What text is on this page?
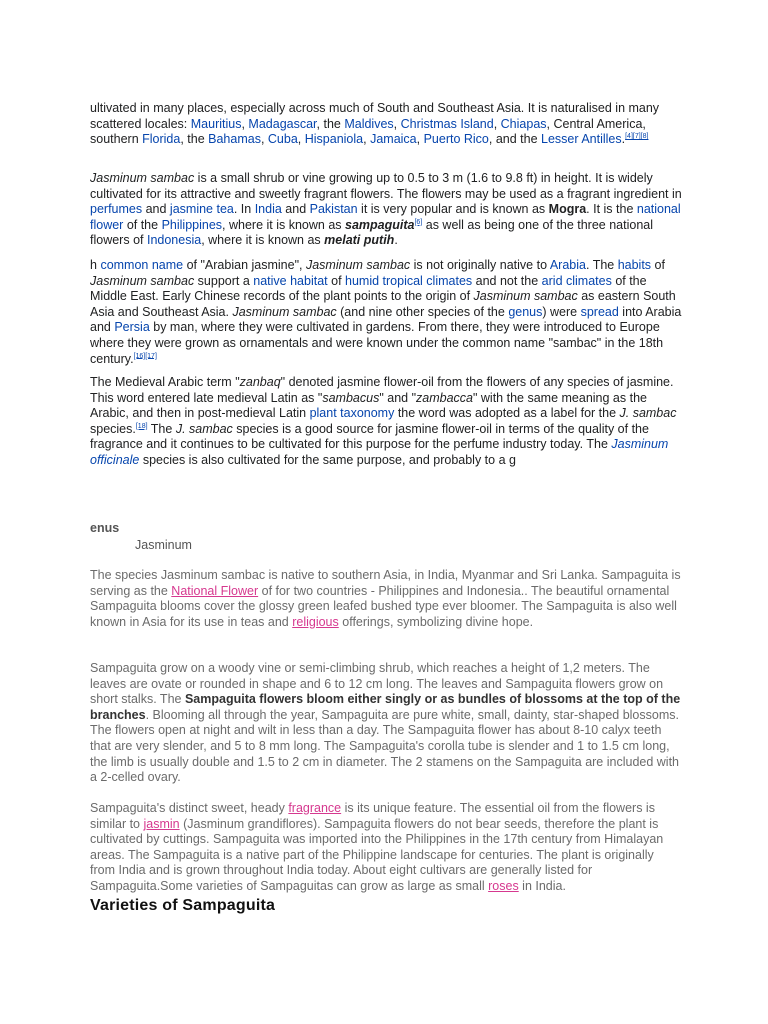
ultivated in many places, especially across much of South and Southeast Asia. It is naturalised in many scattered locales: Mauritius, Madagascar, the Maldives, Christmas Island, Chiapas, Central America, southern Florida, the Bahamas, Cuba, Hispaniola, Jamaica, Puerto Rico, and the Lesser Antilles.[4][7][8]

Jasminum sambac is a small shrub or vine growing up to 0.5 to 3 m (1.6 to 9.8 ft) in height. It is widely cultivated for its attractive and sweetly fragrant flowers. The flowers may be used as a fragrant ingredient in perfumes and jasmine tea. In India and Pakistan it is very popular and is known as Mogra. It is the national flower of the Philippines, where it is known as sampaguita[6] as well as being one of the three national flowers of Indonesia, where it is known as melati putih.

h common name of "Arabian jasmine", Jasminum sambac is not originally native to Arabia. The habits of Jasminum sambac support a native habitat of humid tropical climates and not the arid climates of the Middle East. Early Chinese records of the plant points to the origin of Jasminum sambac as eastern South Asia and Southeast Asia. Jasminum sambac (and nine other species of the genus) were spread into Arabia and Persia by man, where they were cultivated in gardens. From there, they were introduced to Europe where they were grown as ornamentals and were known under the common name "sambac" in the 18th century.[16][17]

The Medieval Arabic term "zanbaq" denoted jasmine flower-oil from the flowers of any species of jasmine. This word entered late medieval Latin as "sambacus" and "zambacca" with the same meaning as the Arabic, and then in post-medieval Latin plant taxonomy the word was adopted as a label for the J. sambac species.[18] The J. sambac species is a good source for jasmine flower-oil in terms of the quality of the fragrance and it continues to be cultivated for this purpose for the perfume industry today. The Jasminum officinale species is also cultivated for the same purpose, and probably to a g

enus
Jasminum

The species Jasminum sambac is native to southern Asia, in India, Myanmar and Sri Lanka. Sampaguita is serving as the National Flower of for two countries - Philippines and Indonesia.. The beautiful ornamental Sampaguita blooms cover the glossy green leafed bushed type ever bloomer. The Sampaguita is also well known in Asia for its use in teas and religious offerings, symbolizing divine hope.

Sampaguita grow on a woody vine or semi-climbing shrub, which reaches a height of 1,2 meters. The leaves are ovate or rounded in shape and 6 to 12 cm long. The leaves and Sampaguita flowers grow on short stalks. The Sampaguita flowers bloom either singly or as bundles of blossoms at the top of the branches. Blooming all through the year, Sampaguita are pure white, small, dainty, star-shaped blossoms. The flowers open at night and wilt in less than a day. The Sampaguita flower has about 8-10 calyx teeth that are very slender, and 5 to 8 mm long. The Sampaguita's corolla tube is slender and 1 to 1.5 cm long, the limb is usually double and 1.5 to 2 cm in diameter. The 2 stamens on the Sampaguita are included with a 2-celled ovary.

Sampaguita's distinct sweet, heady fragrance is its unique feature. The essential oil from the flowers is similar to jasmin (Jasminum grandiflores). Sampaguita flowers do not bear seeds, therefore the plant is cultivated by cuttings. Sampaguita was imported into the Philippines in the 17th century from Himalayan areas. The Sampaguita is a native part of the Philippine landscape for centuries. The plant is originally from India and is grown throughout India today. About eight cultivars are generally listed for Sampaguita.Some varieties of Sampaguitas can grow as large as small roses in India.

Varieties of Sampaguita
